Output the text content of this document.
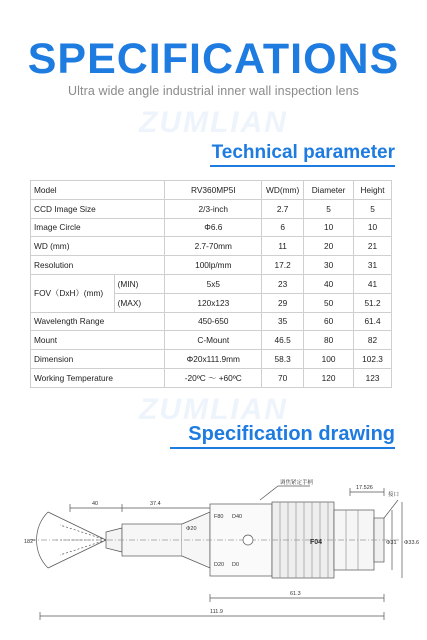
SPECIFICATIONS
Ultra wide angle industrial inner wall inspection lens
ZUMLIAN
Technical parameter
Model		RV360MP5I	WD(mm)	Diameter	Height
CCD Image Size		2/3-inch	2.7	5	5
Image Circle		Φ6.6	6	10	10
WD (mm)		2.7-70mm	11	20	21
Resolution		100lp/mm	17.2	30	31
FOV（DxH）(mm)	(MIN)	5x5	23	40	41
	(MAX)	120x123	29	50	51.2
Wavelength Range		450-650	35	60	61.4
Mount		C-Mount	46.5	80	82
Dimension		Φ20x111.9mm	58.3	100	102.3
Working Temperature		-20ºC ～ +60ºC	70	120	123
ZUMLIAN
Specification drawing
111.9
61.3
37.4
40
17.526
182°	Φ31 Φ33.6
Φ20
调焦紧定手柄
接口
F80 D40
D20 D0
F04
